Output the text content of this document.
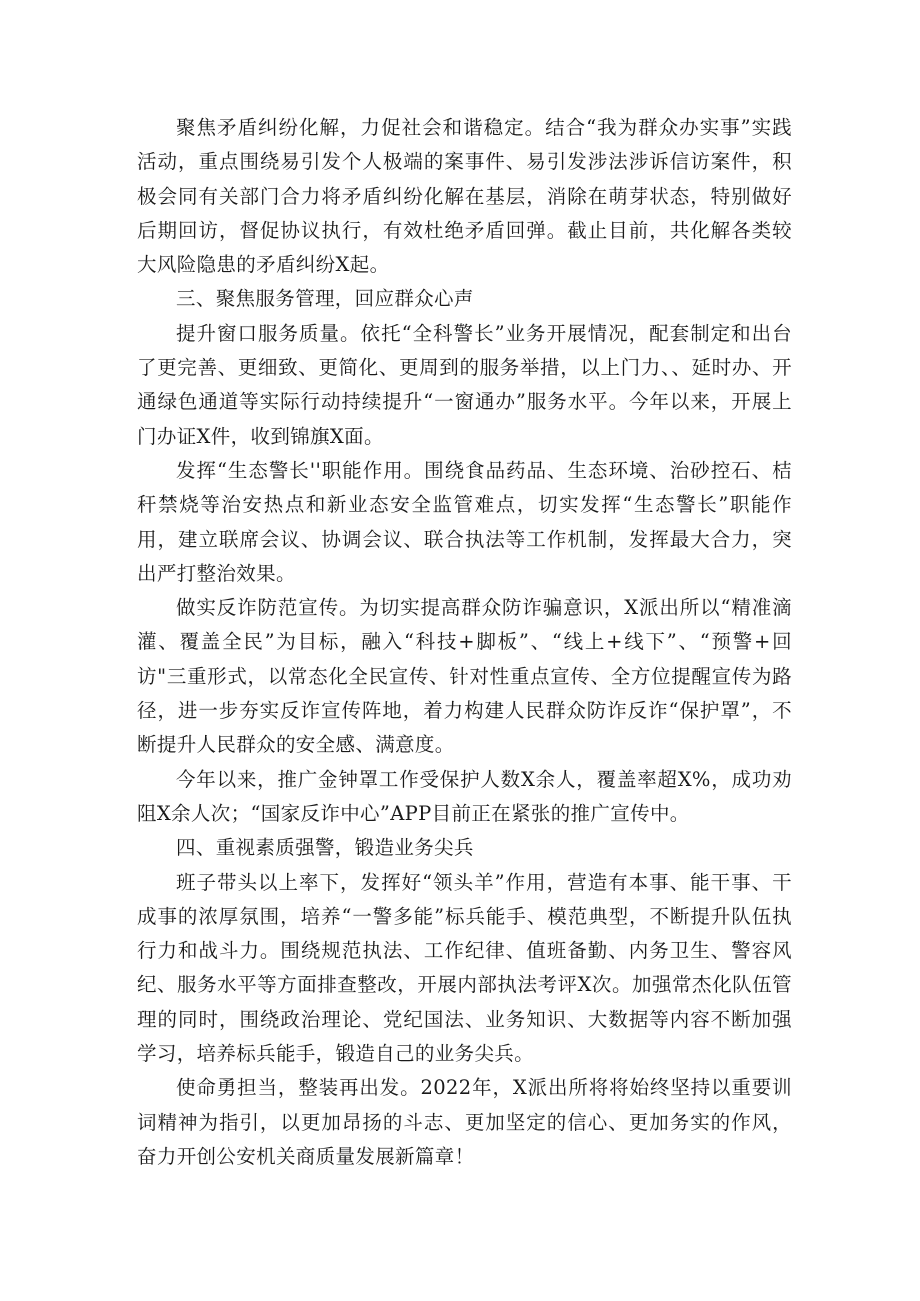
聚焦矛盾纠纷化解，力促社会和谐稳定。结合“我为群众办实事”实践活动，重点围绕易引发个人极端的案事件、易引发涉法涉诉信访案件，积极会同有关部门合力将矛盾纠纷化解在基层，消除在萌芽状态，特别做好后期回访，督促协议执行，有效杜绝矛盾回弹。截止目前，共化解各类较大风险隐患的矛盾纠纷X起。

三、聚焦服务管理，回应群众心声

提升窗口服务质量。依托“全科警长”业务开展情况，配套制定和出台了更完善、更细致、更简化、更周到的服务举措，以上门力、、延时办、开通绿色通道等实际行动持续提升“一窗通办”服务水平。今年以来，开展上门办证X件，收到锦旗X面。

发挥“生态警长''职能作用。围绕食品药品、生态环境、治砂控石、桔秆禁烧等治安热点和新业态安全监管难点，切实发挥“生态警长”职能作用，建立联席会议、协调会议、联合执法等工作机制，发挥最大合力，突出严打整治效果。

做实反诈防范宣传。为切实提高群众防诈骗意识，X派出所以“精准滴灌、覆盖全民”为目标，融入“科技+脚板”、“线上+线下”、“预警+回访"三重形式，以常态化全民宣传、针对性重点宣传、全方位提醒宣传为路径，进一步夯实反诈宣传阵地，着力构建人民群众防诈反诈“保护罩”，不断提升人民群众的安全感、满意度。

今年以来，推广金钟罩工作受保护人数X余人，覆盖率超X%，成功劝阻X余人次；“国家反诈中心”APP目前正在紧张的推广宣传中。

四、重视素质强警，锻造业务尖兵

班子带头以上率下，发挥好“领头羊”作用，营造有本事、能干事、干成事的浓厚氛围，培养“一警多能”标兵能手、模范典型，不断提升队伍执行力和战斗力。围绕规范执法、工作纪律、值班备勤、内务卫生、警容风纪、服务水平等方面排查整改，开展内部执法考评X次。加强常杰化队伍管理的同时，围绕政治理论、党纪国法、业务知识、大数据等内容不断加强学习，培养标兵能手，锻造自己的业务尖兵。

使命勇担当，整装再出发。2022年，X派出所将将始终坚持以重要训词精神为指引，以更加昂扬的斗志、更加坚定的信心、更加务实的作风，奋力开创公安机关商质量发展新篇章！
